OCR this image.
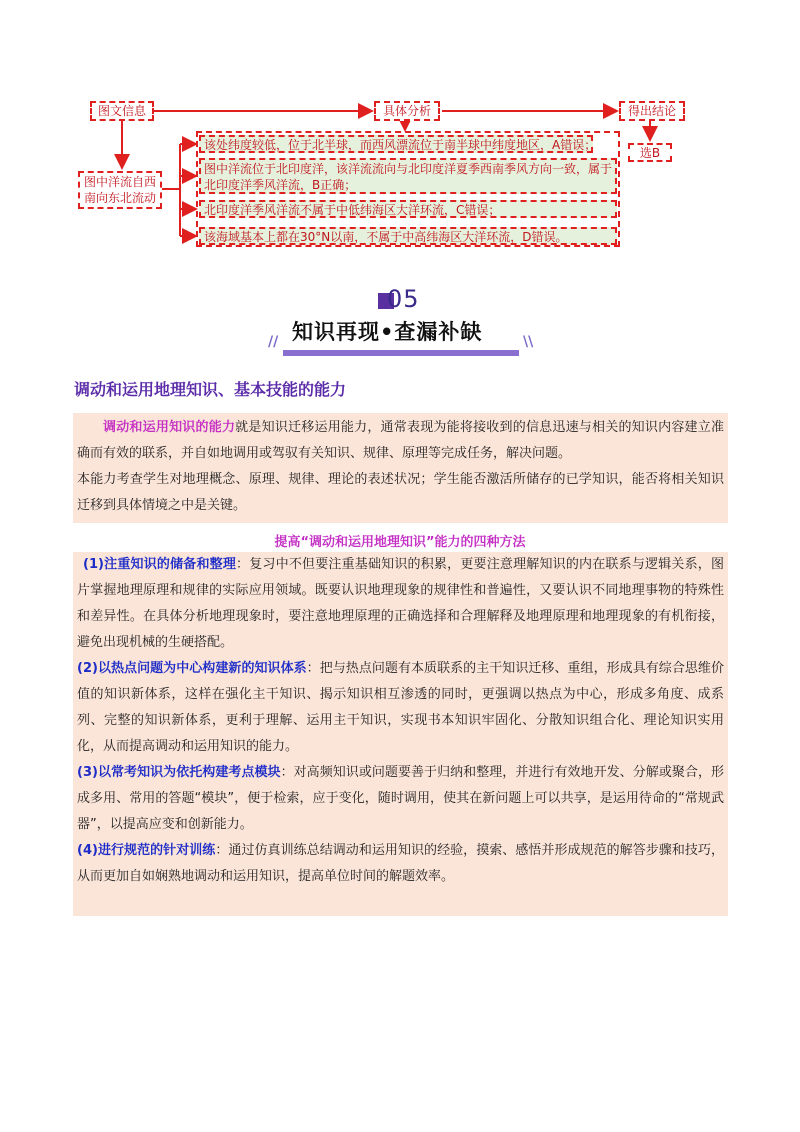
图文信息	具体分析	得出结论
图中洋流自西南向东北流动
选B
该处纬度较低，位于北半球，而西风漂流位于南半球中纬度地区，A错误；
图中洋流位于北印度洋，该洋流流向与北印度洋夏季西南季风方向一致，属于北印度洋季风洋流，B正确；
北印度洋季风洋流不属于中低纬海区大洋环流，C错误；
该海域基本上都在30°N以南，不属于中高纬海区大洋环流，D错误。
05
知识再现•查漏补缺
//	\\
调动和运用地理知识、基本技能的能力

调动和运用知识的能力就是知识迁移运用能力，通常表现为能将接收到的信息迅速与相关的知识内容建立准确而有效的联系，并自如地调用或驾驭有关知识、规律、原理等完成任务，解决问题。

本能力考查学生对地理概念、原理、规律、理论的表述状况；学生能否激活所储存的已学知识，能否将相关知识迁移到具体情境之中是关键。

提高“调动和运用地理知识”能力的四种方法

(1)注重知识的储备和整理：复习中不但要注重基础知识的积累，更要注意理解知识的内在联系与逻辑关系，图片掌握地理原理和规律的实际应用领域。既要认识地理现象的规律性和普遍性，又要认识不同地理事物的特殊性和差异性。在具体分析地理现象时，要注意地理原理的正确选择和合理解释及地理原理和地理现象的有机衔接，避免出现机械的生硬搭配。

(2)以热点问题为中心构建新的知识体系：把与热点问题有本质联系的主干知识迁移、重组，形成具有综合思维价值的知识新体系，这样在强化主干知识、揭示知识相互渗透的同时，更强调以热点为中心，形成多角度、成系列、完整的知识新体系，更利于理解、运用主干知识，实现书本知识牢固化、分散知识组合化、理论知识实用化，从而提高调动和运用知识的能力。

(3)以常考知识为依托构建考点模块：对高频知识或问题要善于归纳和整理，并进行有效地开发、分解或聚合，形成多用、常用的答题“模块”，便于检索，应于变化，随时调用，使其在新问题上可以共享，是运用待命的“常规武器”，以提高应变和创新能力。

(4)进行规范的针对训练：通过仿真训练总结调动和运用知识的经验，摸索、感悟并形成规范的解答步骤和技巧，从而更加自如娴熟地调动和运用知识，提高单位时间的解题效率。
